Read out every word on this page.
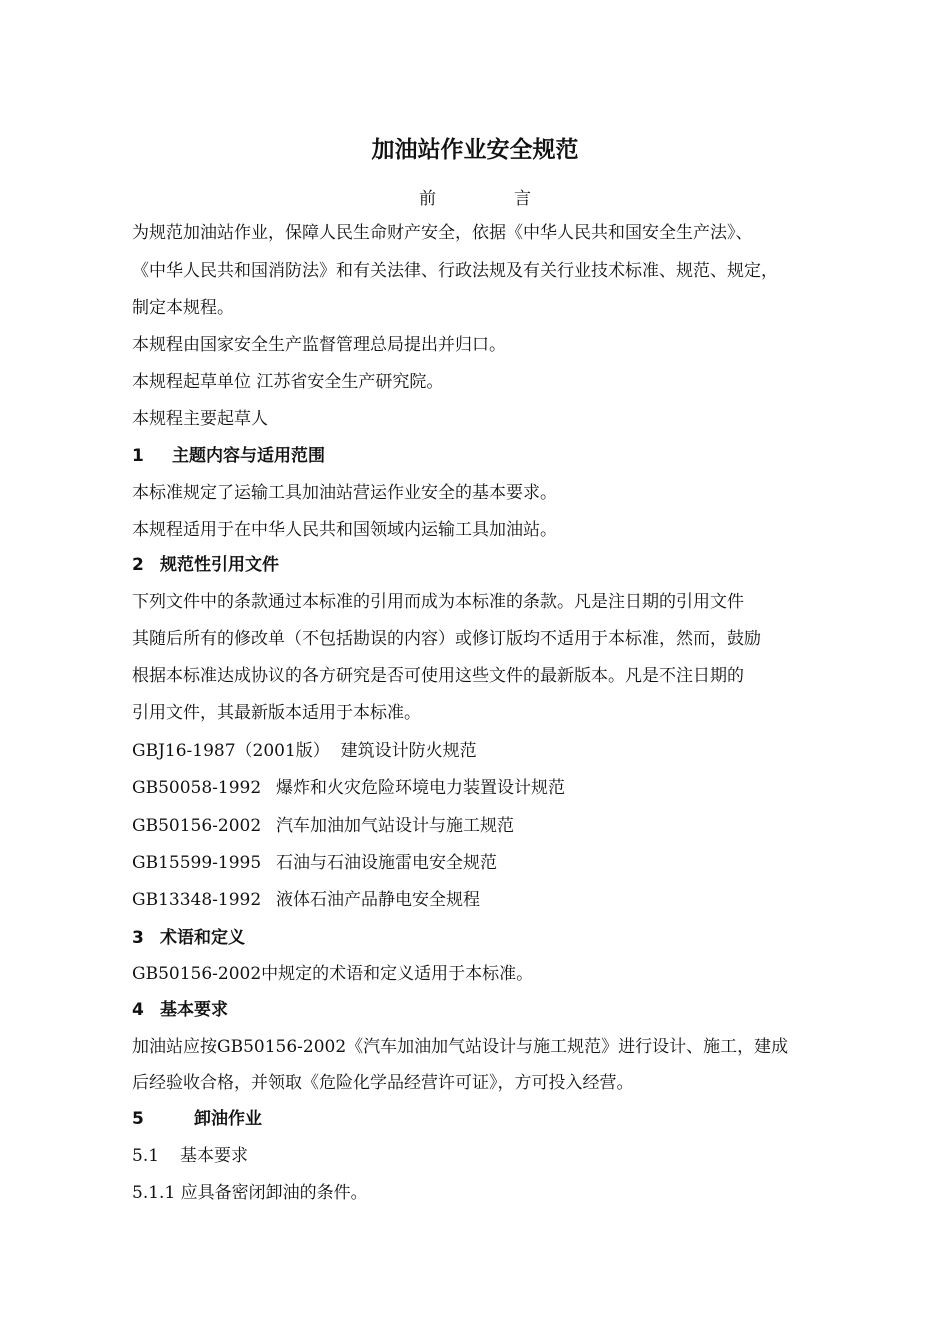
加油站作业安全规范
前	言
为规范加油站作业，保障人民生命财产安全，依据《中华人民共和国安全生产法》、
《中华人民共和国消防法》和有关法律、行政法规及有关行业技术标准、规范、规定，
制定本规程。
本规程由国家安全生产监督管理总局提出并归口。
本规程起草单位 江苏省安全生产研究院。
本规程主要起草人
1 主题内容与适用范围
本标准规定了运输工具加油站营运作业安全的基本要求。
本规程适用于在中华人民共和国领域内运输工具加油站。
2 规范性引用文件
下列文件中的条款通过本标准的引用而成为本标准的条款。凡是注日期的引用文件
其随后所有的修改单（不包括勘误的内容）或修订版均不适用于本标准，然而，鼓励
根据本标准达成协议的各方研究是否可使用这些文件的最新版本。凡是不注日期的
引用文件，其最新版本适用于本标准。
GBJ16-1987（2001版） 建筑设计防火规范
GB50058-1992 爆炸和火灾危险环境电力装置设计规范
GB50156-2002 汽车加油加气站设计与施工规范
GB15599-1995 石油与石油设施雷电安全规范
GB13348-1992 液体石油产品静电安全规程
3 术语和定义
GB50156-2002中规定的术语和定义适用于本标准。
4 基本要求
加油站应按GB50156-2002《汽车加油加气站设计与施工规范》进行设计、施工，建成
后经验收合格，并领取《危险化学品经营许可证》，方可投入经营。
5	卸油作业
5.1 基本要求
5.1.1 应具备密闭卸油的条件。
